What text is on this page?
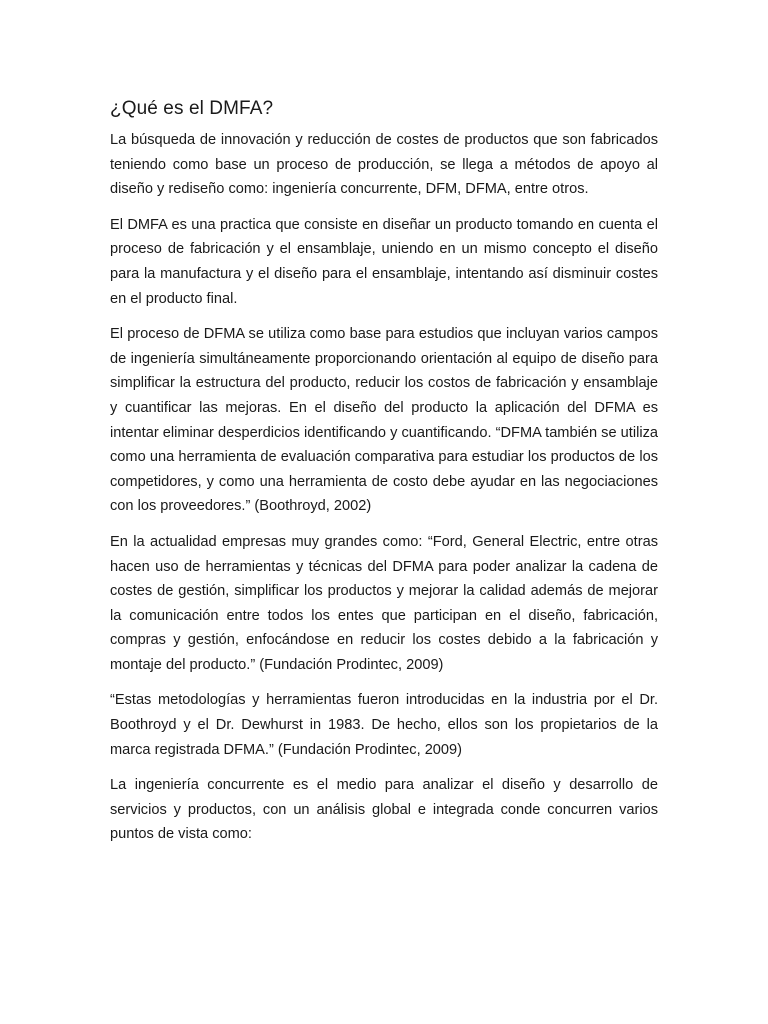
¿Qué es el DMFA?

La búsqueda de innovación y reducción de costes de productos que son fabricados teniendo como base un proceso de producción, se llega a métodos de apoyo al diseño y rediseño como: ingeniería concurrente, DFM, DFMA, entre otros.

El DMFA es una practica que consiste en diseñar un producto tomando en cuenta el proceso de fabricación y el ensamblaje, uniendo en un mismo concepto el diseño para la manufactura y el diseño para el ensamblaje, intentando así disminuir costes en el producto final.

El proceso de DFMA se utiliza como base para estudios que incluyan varios campos de ingeniería simultáneamente proporcionando orientación al equipo de diseño para simplificar la estructura del producto, reducir los costos de fabricación y ensamblaje y cuantificar las mejoras. En el diseño del producto la aplicación del DFMA es intentar eliminar desperdicios identificando y cuantificando. “DFMA también se utiliza como una herramienta de evaluación comparativa para estudiar los productos de los competidores, y como una herramienta de costo debe ayudar en las negociaciones con los proveedores.” (Boothroyd, 2002)

En la actualidad empresas muy grandes como: “Ford, General Electric, entre otras hacen uso de herramientas y técnicas del DFMA para poder analizar la cadena de costes de gestión, simplificar los productos y mejorar la calidad además de mejorar la comunicación entre todos los entes que participan en el diseño, fabricación, compras y gestión, enfocándose en reducir los costes debido a la fabricación y montaje del producto.” (Fundación Prodintec, 2009)

“Estas metodologías y herramientas fueron introducidas en la industria por el Dr. Boothroyd y el Dr. Dewhurst in 1983. De hecho, ellos son los propietarios de la marca registrada DFMA.” (Fundación Prodintec, 2009)

La ingeniería concurrente es el medio para analizar el diseño y desarrollo de servicios y productos, con un análisis global e integrada conde concurren varios puntos de vista como:
